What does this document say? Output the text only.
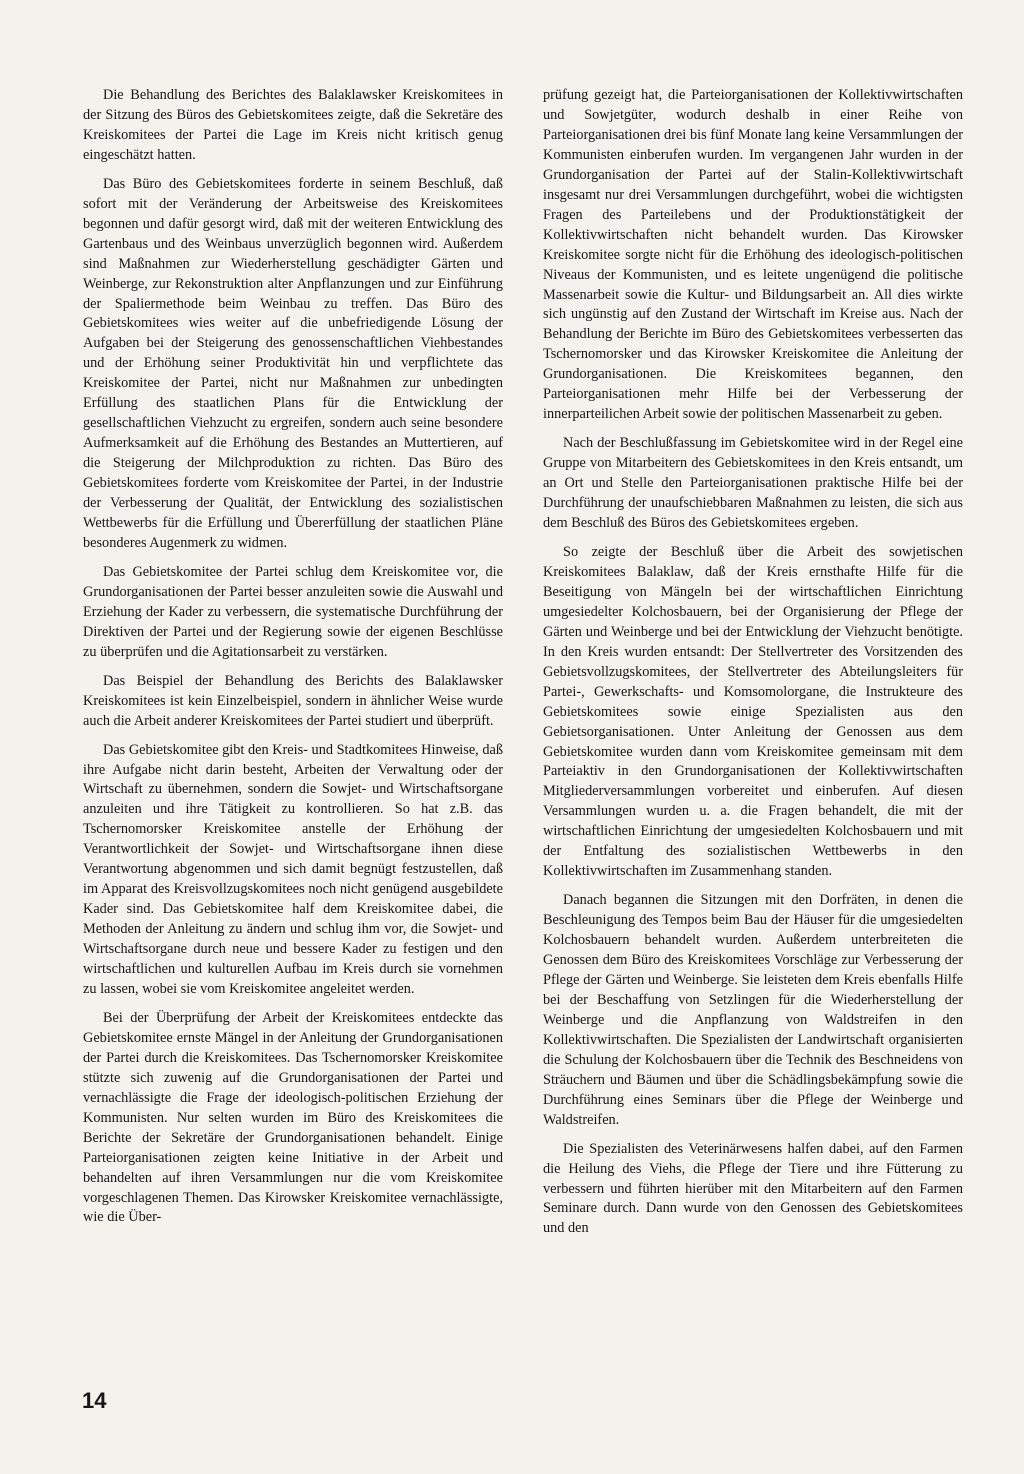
Die Behandlung des Berichtes des Balaklawsker Kreiskomitees in der Sitzung des Büros des Gebietskomitees zeigte, daß die Sekretäre des Kreiskomitees der Partei die Lage im Kreis nicht kritisch genug eingeschätzt hatten.

Das Büro des Gebietskomitees forderte in seinem Beschluß, daß sofort mit der Veränderung der Arbeitsweise des Kreiskomitees begonnen und dafür gesorgt wird, daß mit der weiteren Entwicklung des Gartenbaus und des Weinbaus unverzüglich begonnen wird. Außerdem sind Maßnahmen zur Wiederherstellung geschädigter Gärten und Weinberge, zur Rekonstruktion alter Anpflanzungen und zur Einführung der Spaliermethode beim Weinbau zu treffen. Das Büro des Gebietskomitees wies weiter auf die unbefriedigende Lösung der Aufgaben bei der Steigerung des genossenschaftlichen Viehbestandes und der Erhöhung seiner Produktivität hin und verpflichtete das Kreiskomitee der Partei, nicht nur Maßnahmen zur unbedingten Erfüllung des staatlichen Plans für die Entwicklung der gesellschaftlichen Viehzucht zu ergreifen, sondern auch seine besondere Aufmerksamkeit auf die Erhöhung des Bestandes an Muttertieren, auf die Steigerung der Milchproduktion zu richten. Das Büro des Gebietskomitees forderte vom Kreiskomitee der Partei, in der Industrie der Verbesserung der Qualität, der Entwicklung des sozialistischen Wettbewerbs für die Erfüllung und Übererfüllung der staatlichen Pläne besonderes Augenmerk zu widmen.

Das Gebietskomitee der Partei schlug dem Kreiskomitee vor, die Grundorganisationen der Partei besser anzuleiten sowie die Auswahl und Erziehung der Kader zu verbessern, die systematische Durchführung der Direktiven der Partei und der Regierung sowie der eigenen Beschlüsse zu überprüfen und die Agitationsarbeit zu verstärken.

Das Beispiel der Behandlung des Berichts des Balaklawsker Kreiskomitees ist kein Einzelbeispiel, sondern in ähnlicher Weise wurde auch die Arbeit anderer Kreiskomitees der Partei studiert und überprüft.

Das Gebietskomitee gibt den Kreis- und Stadtkomitees Hinweise, daß ihre Aufgabe nicht darin besteht, Arbeiten der Verwaltung oder der Wirtschaft zu übernehmen, sondern die Sowjet- und Wirtschaftsorgane anzuleiten und ihre Tätigkeit zu kontrollieren. So hat z.B. das Tschernomorsker Kreiskomitee anstelle der Erhöhung der Verantwortlichkeit der Sowjet- und Wirtschaftsorgane ihnen diese Verantwortung abgenommen und sich damit begnügt festzustellen, daß im Apparat des Kreisvollzugskomitees noch nicht genügend ausgebildete Kader sind. Das Gebietskomitee half dem Kreiskomitee dabei, die Methoden der Anleitung zu ändern und schlug ihm vor, die Sowjet- und Wirtschaftsorgane durch neue und bessere Kader zu festigen und den wirtschaftlichen und kulturellen Aufbau im Kreis durch sie vornehmen zu lassen, wobei sie vom Kreiskomitee angeleitet werden.

Bei der Überprüfung der Arbeit der Kreiskomitees entdeckte das Gebietskomitee ernste Mängel in der Anleitung der Grundorganisationen der Partei durch die Kreiskomitees. Das Tschernomorsker Kreiskomitee stützte sich zuwenig auf die Grundorganisationen der Partei und vernachlässigte die Frage der ideologisch-politischen Erziehung der Kommunisten. Nur selten wurden im Büro des Kreiskomitees die Berichte der Sekretäre der Grundorganisationen behandelt. Einige Parteiorganisationen zeigten keine Initiative in der Arbeit und behandelten auf ihren Versammlungen nur die vom Kreiskomitee vorgeschlagenen Themen. Das Kirowsker Kreiskomitee vernachlässigte, wie die Über-

prüfung gezeigt hat, die Parteiorganisationen der Kollektivwirtschaften und Sowjetgüter, wodurch deshalb in einer Reihe von Parteiorganisationen drei bis fünf Monate lang keine Versammlungen der Kommunisten einberufen wurden. Im vergangenen Jahr wurden in der Grundorganisation der Partei auf der Stalin-Kollektivwirtschaft insgesamt nur drei Versammlungen durchgeführt, wobei die wichtigsten Fragen des Parteilebens und der Produktionstätigkeit der Kollektivwirtschaften nicht behandelt wurden. Das Kirowsker Kreiskomitee sorgte nicht für die Erhöhung des ideologisch-politischen Niveaus der Kommunisten, und es leitete ungenügend die politische Massenarbeit sowie die Kultur- und Bildungsarbeit an. All dies wirkte sich ungünstig auf den Zustand der Wirtschaft im Kreise aus. Nach der Behandlung der Berichte im Büro des Gebietskomitees verbesserten das Tschernomorsker und das Kirowsker Kreiskomitee die Anleitung der Grundorganisationen. Die Kreiskomitees begannen, den Parteiorganisationen mehr Hilfe bei der Verbesserung der innerparteilichen Arbeit sowie der politischen Massenarbeit zu geben.

Nach der Beschlußfassung im Gebietskomitee wird in der Regel eine Gruppe von Mitarbeitern des Gebietskomitees in den Kreis entsandt, um an Ort und Stelle den Parteiorganisationen praktische Hilfe bei der Durchführung der unaufschiebbaren Maßnahmen zu leisten, die sich aus dem Beschluß des Büros des Gebietskomitees ergeben.

So zeigte der Beschluß über die Arbeit des sowjetischen Kreiskomitees Balaklaw, daß der Kreis ernsthafte Hilfe für die Beseitigung von Mängeln bei der wirtschaftlichen Einrichtung umgesiedelter Kolchosbauern, bei der Organisierung der Pflege der Gärten und Weinberge und bei der Entwicklung der Viehzucht benötigte. In den Kreis wurden entsandt: Der Stellvertreter des Vorsitzenden des Gebietsvollzugskomitees, der Stellvertreter des Abteilungsleiters für Partei-, Gewerkschafts- und Komsomolorgane, die Instrukteure des Gebietskomitees sowie einige Spezialisten aus den Gebietsorganisationen. Unter Anleitung der Genossen aus dem Gebietskomitee wurden dann vom Kreiskomitee gemeinsam mit dem Parteiaktiv in den Grundorganisationen der Kollektivwirtschaften Mitgliederversammlungen vorbereitet und einberufen. Auf diesen Versammlungen wurden u. a. die Fragen behandelt, die mit der wirtschaftlichen Einrichtung der umgesiedelten Kolchosbauern und mit der Entfaltung des sozialistischen Wettbewerbs in den Kollektivwirtschaften im Zusammenhang standen.

Danach begannen die Sitzungen mit den Dorfräten, in denen die Beschleunigung des Tempos beim Bau der Häuser für die umgesiedelten Kolchosbauern behandelt wurden. Außerdem unterbreiteten die Genossen dem Büro des Kreiskomitees Vorschläge zur Verbesserung der Pflege der Gärten und Weinberge. Sie leisteten dem Kreis ebenfalls Hilfe bei der Beschaffung von Setzlingen für die Wiederherstellung der Weinberge und die Anpflanzung von Waldstreifen in den Kollektivwirtschaften. Die Spezialisten der Landwirtschaft organisierten die Schulung der Kolchosbauern über die Technik des Beschneidens von Sträuchern und Bäumen und über die Schädlingsbekämpfung sowie die Durchführung eines Seminars über die Pflege der Weinberge und Waldstreifen.

Die Spezialisten des Veterinärwesens halfen dabei, auf den Farmen die Heilung des Viehs, die Pflege der Tiere und ihre Fütterung zu verbessern und führten hierüber mit den Mitarbeitern auf den Farmen Seminare durch. Dann wurde von den Genossen des Gebietskomitees und den

14
